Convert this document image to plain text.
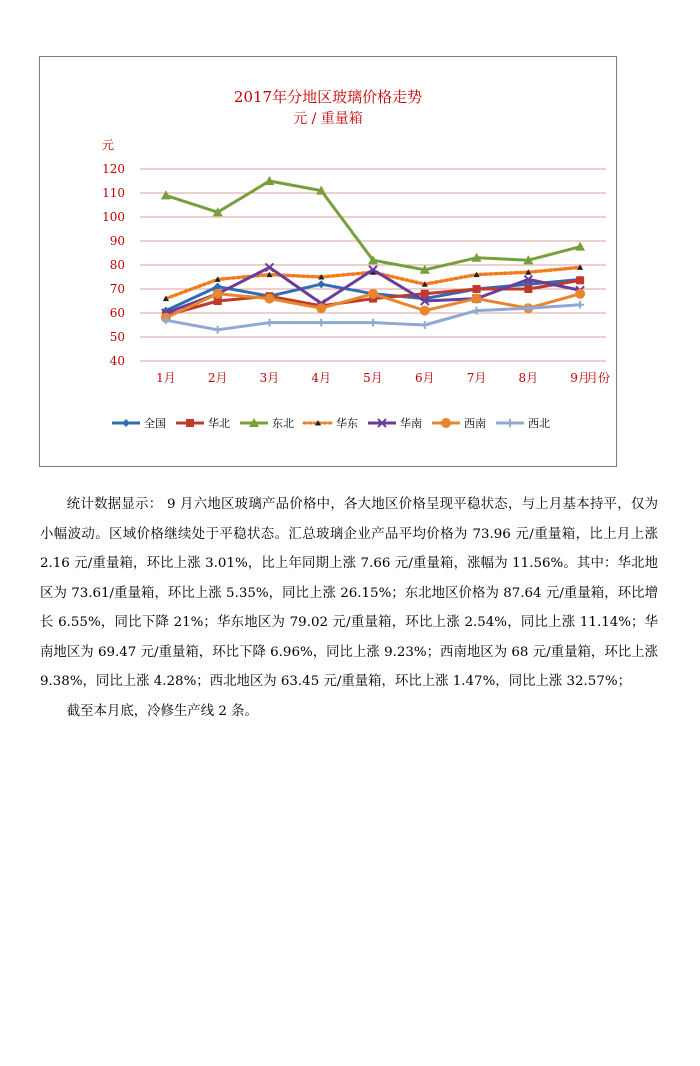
2017年分地区玻璃价格走势
元 / 重量箱
元
月份
40
50
60
70
80
90
100
110
120
1月	2月	3月	4月	5月	6月	7月	8月	9月
全国	华北	东北	华东	华南	西南	西北

统计数据显示： 9 月六地区玻璃产品价格中，各大地区价格呈现平稳状态，与上月基本持平，仅为小幅波动。区域价格继续处于平稳状态。汇总玻璃企业产品平均价格为 73.96 元/重量箱，比上月上涨 2.16 元/重量箱，环比上涨 3.01%，比上年同期上涨 7.66 元/重量箱，涨幅为 11.56%。其中：华北地区为 73.61/重量箱，环比上涨 5.35%，同比上涨 26.15%；东北地区价格为 87.64 元/重量箱，环比增长 6.55%，同比下降 21%；华东地区为 79.02 元/重量箱，环比上涨 2.54%，同比上涨 11.14%；华南地区为 69.47 元/重量箱，环比下降 6.96%，同比上涨 9.23%；西南地区为 68 元/重量箱，环比上涨 9.38%，同比上涨 4.28%；西北地区为 63.45 元/重量箱，环比上涨 1.47%，同比上涨 32.57%；

截至本月底，冷修生产线 2 条。
